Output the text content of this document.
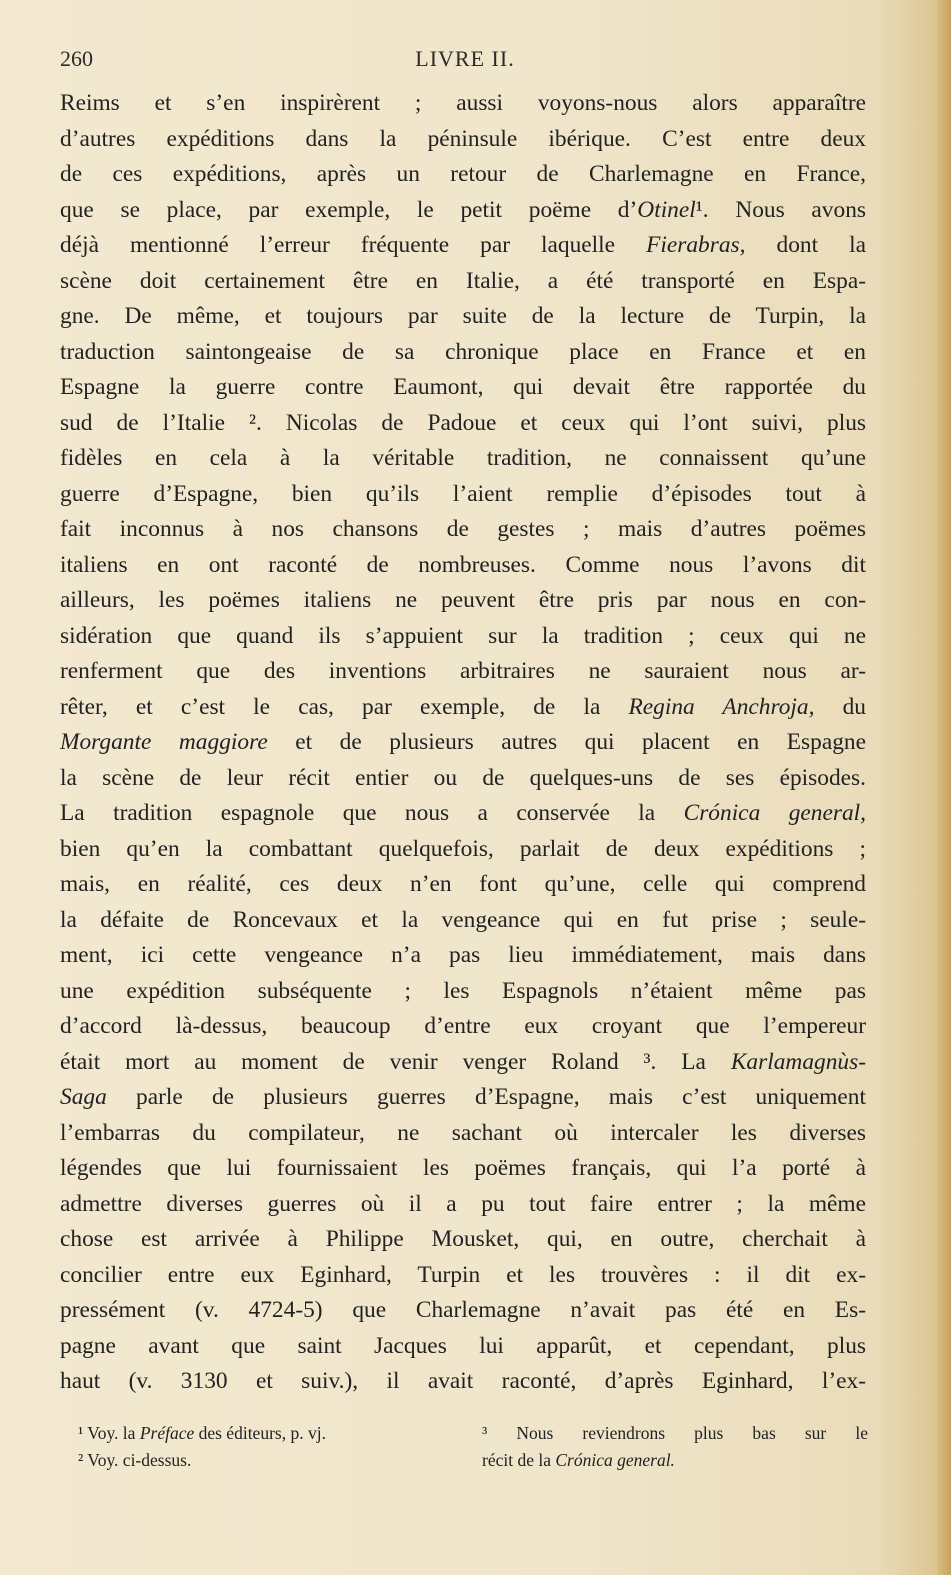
260	LIVRE II.
Reims et s’en inspirèrent ; aussi voyons-nous alors apparaître
d’autres expéditions dans la péninsule ibérique. C’est entre deux
de ces expéditions, après un retour de Charlemagne en France,
que se place, par exemple, le petit poëme d’Otinel¹. Nous avons
déjà mentionné l’erreur fréquente par laquelle Fierabras, dont la
scène doit certainement être en Italie, a été transporté en Espa-
gne. De même, et toujours par suite de la lecture de Turpin, la
traduction saintongeaise de sa chronique place en France et en
Espagne la guerre contre Eaumont, qui devait être rapportée du
sud de l’Italie ². Nicolas de Padoue et ceux qui l’ont suivi, plus
fidèles en cela à la véritable tradition, ne connaissent qu’une
guerre d’Espagne, bien qu’ils l’aient remplie d’épisodes tout à
fait inconnus à nos chansons de gestes ; mais d’autres poëmes
italiens en ont raconté de nombreuses. Comme nous l’avons dit
ailleurs, les poëmes italiens ne peuvent être pris par nous en con-
sidération que quand ils s’appuient sur la tradition ; ceux qui ne
renferment que des inventions arbitraires ne sauraient nous ar-
rêter, et c’est le cas, par exemple, de la Regina Anchroja, du
Morgante maggiore et de plusieurs autres qui placent en Espagne
la scène de leur récit entier ou de quelques-uns de ses épisodes.
La tradition espagnole que nous a conservée la Crónica general,
bien qu’en la combattant quelquefois, parlait de deux expéditions ;
mais, en réalité, ces deux n’en font qu’une, celle qui comprend
la défaite de Roncevaux et la vengeance qui en fut prise ; seule-
ment, ici cette vengeance n’a pas lieu immédiatement, mais dans
une expédition subséquente ; les Espagnols n’étaient même pas
d’accord là-dessus, beaucoup d’entre eux croyant que l’empereur
était mort au moment de venir venger Roland ³. La Karlamagnùs-
Saga parle de plusieurs guerres d’Espagne, mais c’est uniquement
l’embarras du compilateur, ne sachant où intercaler les diverses
légendes que lui fournissaient les poëmes français, qui l’a porté à
admettre diverses guerres où il a pu tout faire entrer ; la même
chose est arrivée à Philippe Mousket, qui, en outre, cherchait à
concilier entre eux Eginhard, Turpin et les trouvères : il dit ex-
pressément (v. 4724-5) que Charlemagne n’avait pas été en Es-
pagne avant que saint Jacques lui apparût, et cependant, plus
haut (v. 3130 et suiv.), il avait raconté, d’après Eginhard, l’ex-
¹ Voy. la Préface des éditeurs, p. vj.
² Voy. ci-dessus.
³ Nous reviendrons plus bas sur le
récit de la Crónica general.
